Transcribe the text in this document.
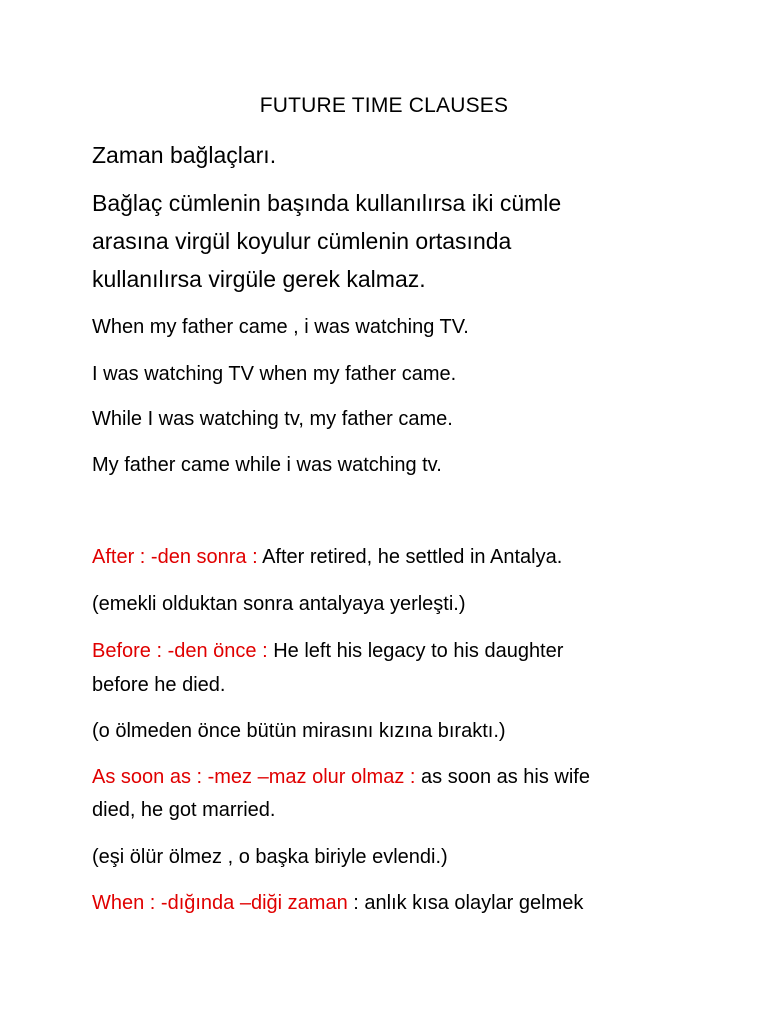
FUTURE TIME CLAUSES
Zaman bağlaçları.
Bağlaç cümlenin başında kullanılırsa iki cümle
arasına virgül koyulur cümlenin ortasında
kullanılırsa virgüle gerek kalmaz.
When my father came , i was watching TV.
I was watching TV when my father came.
While I was watching tv, my father came.
My father came while i was watching tv.
After : -den sonra : After retired, he settled in Antalya.
(emekli olduktan sonra antalyaya yerleşti.)
Before : -den önce : He left his legacy to his daughter
before he died.
(o ölmeden önce bütün mirasını kızına bıraktı.)
As soon as : -mez –maz olur olmaz : as soon as his wife
died, he got married.
(eşi ölür ölmez , o başka biriyle evlendi.)
When : -dığında –diği zaman : anlık kısa olaylar gelmek
